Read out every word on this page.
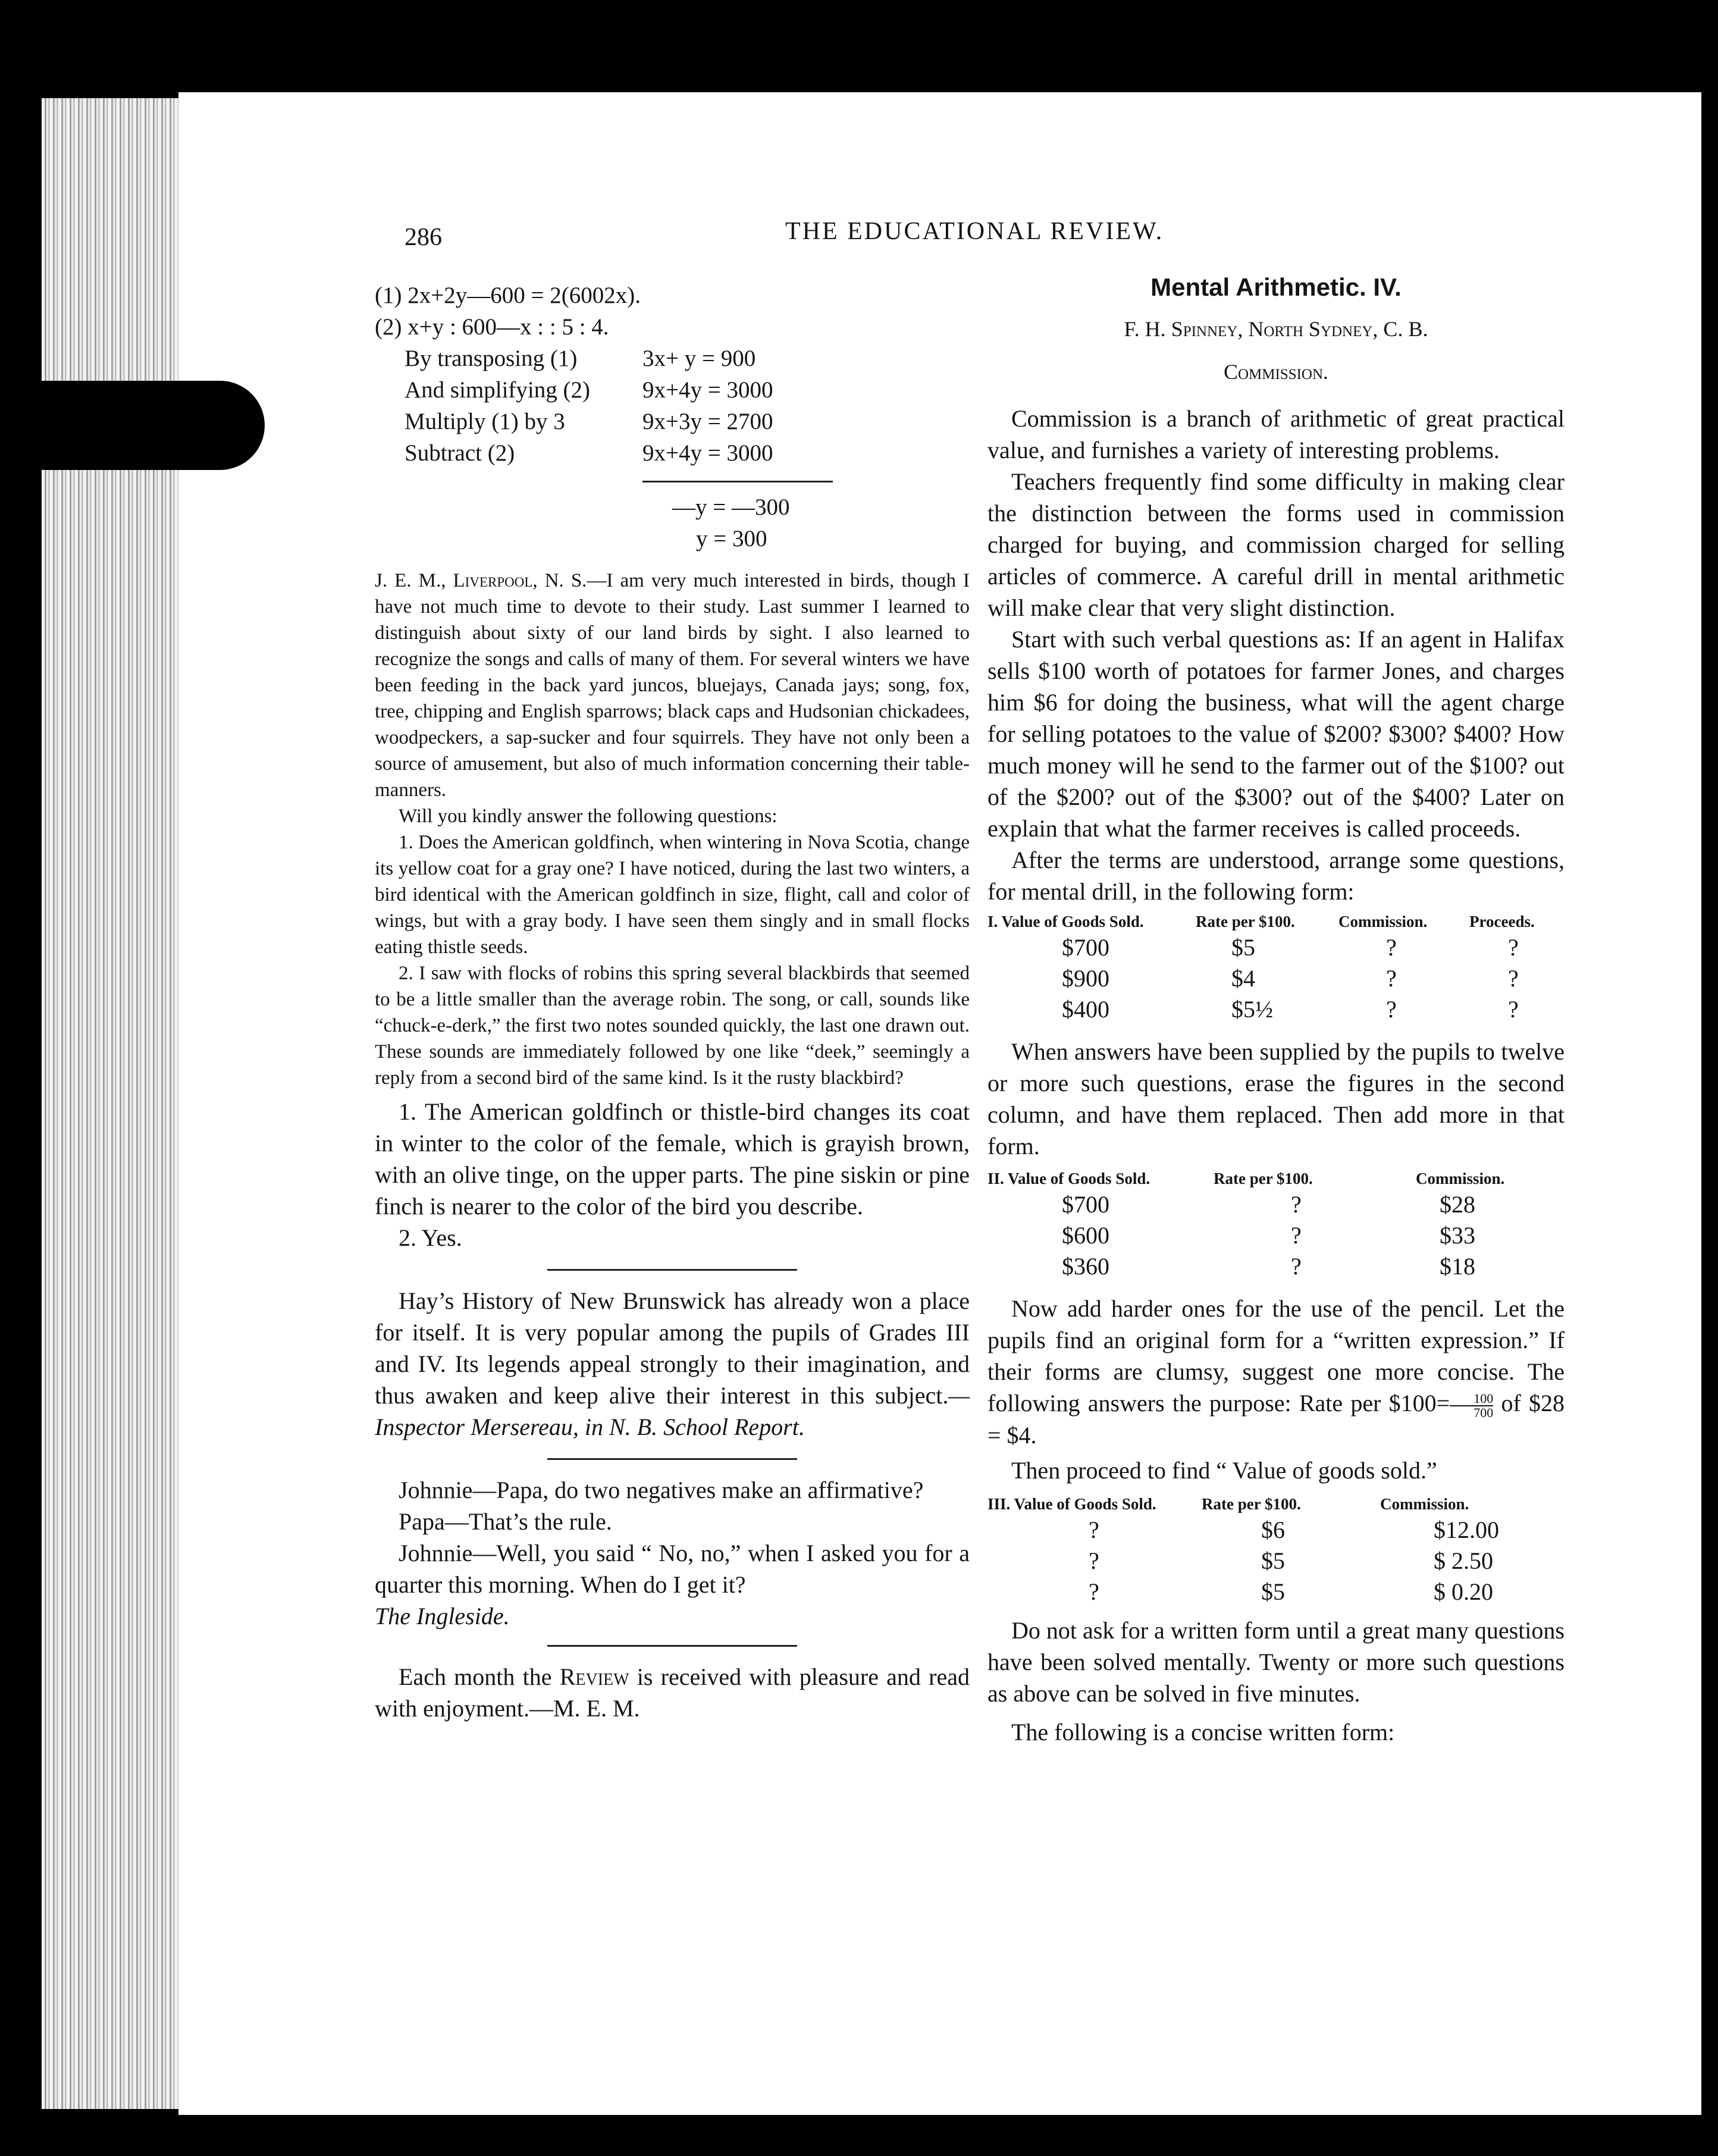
286	THE EDUCATIONAL REVIEW.
(1) 2x+2y—600 = 2(6002x).
(2) x+y : 600—x : : 5 : 4.
By transposing (1)	3x+ y = 900
And simplifying (2)	9x+4y = 3000
Multiply (1) by 3	9x+3y = 2700
Subtract (2)	9x+4y = 3000
—y = —300
y = 300

J. E. M., Liverpool, N. S.—I am very much interested in birds, though I have not much time to devote to their study. Last summer I learned to distinguish about sixty of our land birds by sight. I also learned to recognize the songs and calls of many of them. For several winters we have been feeding in the back yard juncos, bluejays, Canada jays; song, fox, tree, chipping and English sparrows; black caps and Hudsonian chickadees, woodpeckers, a sap-sucker and four squirrels. They have not only been a source of amusement, but also of much information concerning their table-manners.

Will you kindly answer the following questions:

1. Does the American goldfinch, when wintering in Nova Scotia, change its yellow coat for a gray one? I have noticed, during the last two winters, a bird identical with the American goldfinch in size, flight, call and color of wings, but with a gray body. I have seen them singly and in small flocks eating thistle seeds.

2. I saw with flocks of robins this spring several blackbirds that seemed to be a little smaller than the average robin. The song, or call, sounds like “chuck-e-derk,” the first two notes sounded quickly, the last one drawn out. These sounds are immediately followed by one like “deek,” seemingly a reply from a second bird of the same kind. Is it the rusty blackbird?

1. The American goldfinch or thistle-bird changes its coat in winter to the color of the female, which is grayish brown, with an olive tinge, on the upper parts. The pine siskin or pine finch is nearer to the color of the bird you describe.

2. Yes.

Hay’s History of New Brunswick has already won a place for itself. It is very popular among the pupils of Grades III and IV. Its legends appeal strongly to their imagination, and thus awaken and keep alive their interest in this subject.—Inspector Mersereau, in N. B. School Report.

Johnnie—Papa, do two negatives make an affirmative?

Papa—That’s the rule.

Johnnie—Well, you said “ No, no,” when I asked you for a quarter this morning. When do I get it?

The Ingleside.

Each month the Review is received with pleasure and read with enjoyment.—M. E. M.

Mental Arithmetic. IV.
F. H. Spinney, North Sydney, C. B.
Commission.

Commission is a branch of arithmetic of great practical value, and furnishes a variety of interesting problems.

Teachers frequently find some difficulty in making clear the distinction between the forms used in commission charged for buying, and commission charged for selling articles of commerce. A careful drill in mental arithmetic will make clear that very slight distinction.

Start with such verbal questions as: If an agent in Halifax sells $100 worth of potatoes for farmer Jones, and charges him $6 for doing the business, what will the agent charge for selling potatoes to the value of $200? $300? $400? How much money will he send to the farmer out of the $100? out of the $200? out of the $300? out of the $400? Later on explain that what the farmer receives is called proceeds.

After the terms are understood, arrange some questions, for mental drill, in the following form:

I. Value of Goods Sold.	Rate per $100.	Commission.	Proceeds.
$700	$5	?	?
$900	$4	?	?
$400	$5½	?	?

When answers have been supplied by the pupils to twelve or more such questions, erase the figures in the second column, and have them replaced. Then add more in that form.

II. Value of Goods Sold.	Rate per $100.	Commission.
$700	?	$28
$600	?	$33
$360	?	$18

Now add harder ones for the use of the pencil. Let the pupils find an original form for a “written expression.” If their forms are clumsy, suggest one more concise. The following answers the purpose: Rate per $100= $\frac{100}{700}$ of $28 = $4.

Then proceed to find “ Value of goods sold.”

III. Value of Goods Sold.	Rate per $100.	Commission.
?	$6	$12.00
?	$5	$ 2.50
?	$5	$ 0.20

Do not ask for a written form until a great many questions have been solved mentally. Twenty or more such questions as above can be solved in five minutes.

The following is a concise written form:
